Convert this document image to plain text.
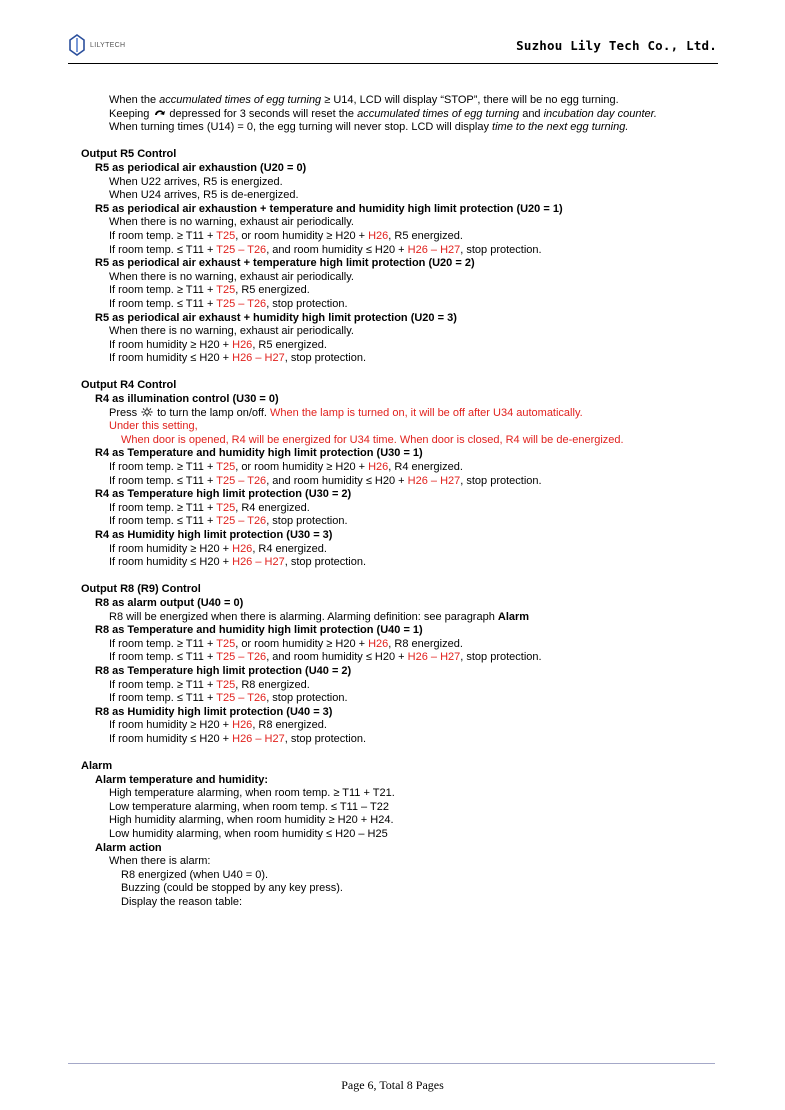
LILYTECH	Suzhou Lily Tech Co., Ltd.
When the accumulated times of egg turning ≥ U14, LCD will display “STOP”, there will be no egg turning.
Keeping depressed for 3 seconds will reset the accumulated times of egg turning and incubation day counter.
When turning times (U14) = 0, the egg turning will never stop. LCD will display time to the next egg turning.
Output R5 Control
R5 as periodical air exhaustion (U20 = 0)
When U22 arrives, R5 is energized.
When U24 arrives, R5 is de-energized.
R5 as periodical air exhaustion + temperature and humidity high limit protection (U20 = 1)
When there is no warning, exhaust air periodically.
If room temp. ≥ T11 + T25, or room humidity ≥ H20 + H26, R5 energized.
If room temp. ≤ T11 + T25 – T26, and room humidity ≤ H20 + H26 – H27, stop protection.
R5 as periodical air exhaust + temperature high limit protection (U20 = 2)
When there is no warning, exhaust air periodically.
If room temp. ≥ T11 + T25, R5 energized.
If room temp. ≤ T11 + T25 – T26, stop protection.
R5 as periodical air exhaust + humidity high limit protection (U20 = 3)
When there is no warning, exhaust air periodically.
If room humidity ≥ H20 + H26, R5 energized.
If room humidity ≤ H20 + H26 – H27, stop protection.
Output R4 Control
R4 as illumination control (U30 = 0)
Press to turn the lamp on/off. When the lamp is turned on, it will be off after U34 automatically.
Under this setting,
When door is opened, R4 will be energized for U34 time. When door is closed, R4 will be de-energized.
R4 as Temperature and humidity high limit protection (U30 = 1)
If room temp. ≥ T11 + T25, or room humidity ≥ H20 + H26, R4 energized.
If room temp. ≤ T11 + T25 – T26, and room humidity ≤ H20 + H26 – H27, stop protection.
R4 as Temperature high limit protection (U30 = 2)
If room temp. ≥ T11 + T25, R4 energized.
If room temp. ≤ T11 + T25 – T26, stop protection.
R4 as Humidity high limit protection (U30 = 3)
If room humidity ≥ H20 + H26, R4 energized.
If room humidity ≤ H20 + H26 – H27, stop protection.
Output R8 (R9) Control
R8 as alarm output (U40 = 0)
R8 will be energized when there is alarming. Alarming definition: see paragraph Alarm
R8 as Temperature and humidity high limit protection (U40 = 1)
If room temp. ≥ T11 + T25, or room humidity ≥ H20 + H26, R8 energized.
If room temp. ≤ T11 + T25 – T26, and room humidity ≤ H20 + H26 – H27, stop protection.
R8 as Temperature high limit protection (U40 = 2)
If room temp. ≥ T11 + T25, R8 energized.
If room temp. ≤ T11 + T25 – T26, stop protection.
R8 as Humidity high limit protection (U40 = 3)
If room humidity ≥ H20 + H26, R8 energized.
If room humidity ≤ H20 + H26 – H27, stop protection.
Alarm
Alarm temperature and humidity:
High temperature alarming, when room temp. ≥ T11 + T21.
Low temperature alarming, when room temp. ≤ T11 – T22
High humidity alarming, when room humidity ≥ H20 + H24.
Low humidity alarming, when room humidity ≤ H20 – H25
Alarm action
When there is alarm:
R8 energized (when U40 = 0).
Buzzing (could be stopped by any key press).
Display the reason table:
Page 6, Total 8 Pages
